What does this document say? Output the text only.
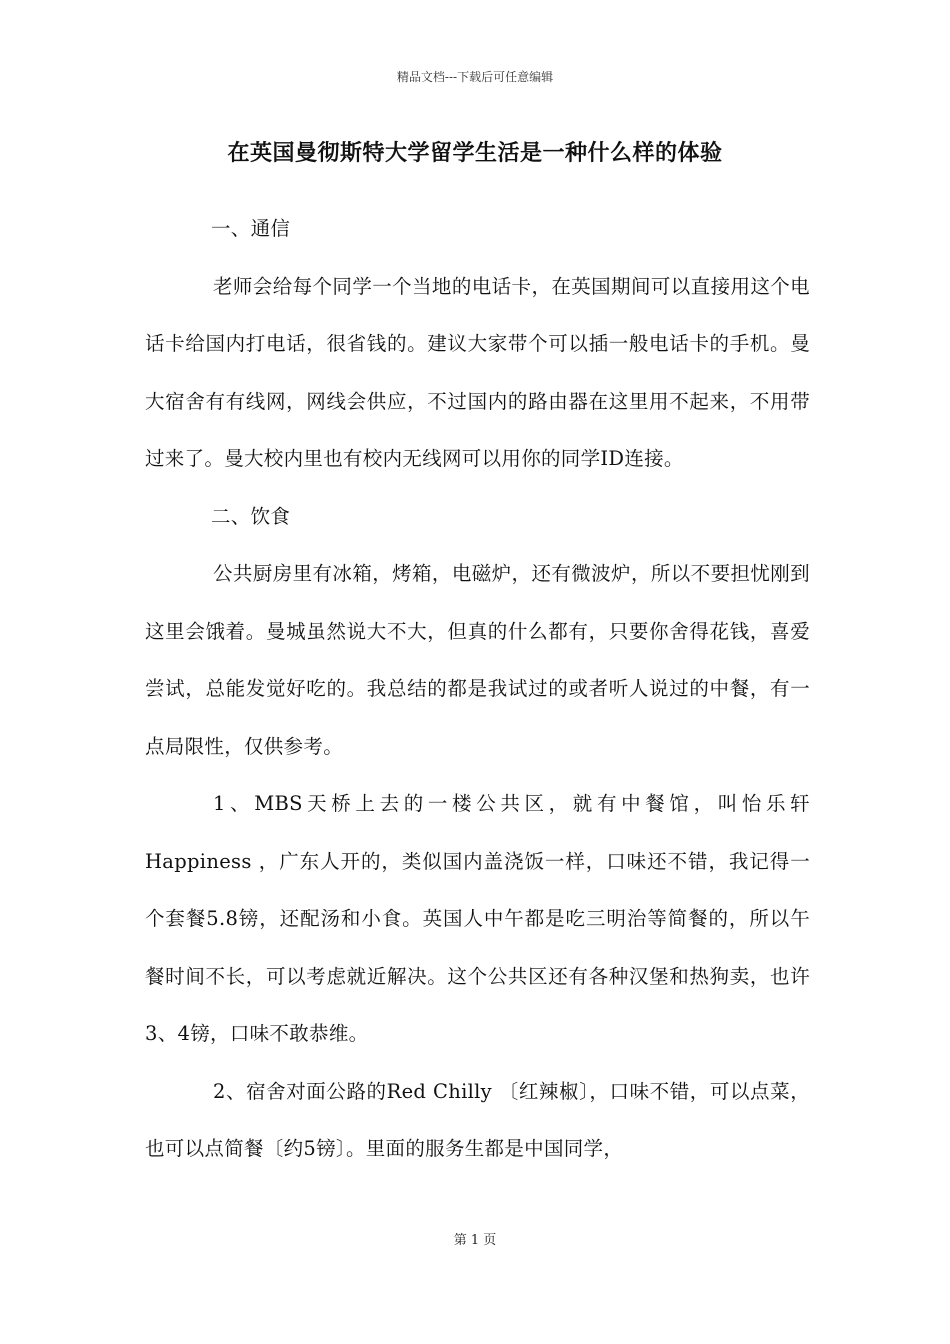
精品文档---下载后可任意编辑
在英国曼彻斯特大学留学生活是一种什么样的体验

一、通信

老师会给每个同学一个当地的电话卡，在英国期间可以直接用这个电话卡给国内打电话，很省钱的。建议大家带个可以插一般电话卡的手机。曼大宿舍有有线网，网线会供应，不过国内的路由器在这里用不起来，不用带过来了。曼大校内里也有校内无线网可以用你的同学ID连接。

二、饮食

公共厨房里有冰箱，烤箱，电磁炉，还有微波炉，所以不要担忧刚到这里会饿着。曼城虽然说大不大，但真的什么都有，只要你舍得花钱，喜爱尝试，总能发觉好吃的。我总结的都是我试过的或者听人说过的中餐，有一点局限性，仅供参考。

1、MBS天桥上去的一楼公共区，就有中餐馆，叫怡乐轩 Happiness ，广东人开的，类似国内盖浇饭一样，口味还不错，我记得一个套餐5.8镑，还配汤和小食。英国人中午都是吃三明治等简餐的，所以午餐时间不长，可以考虑就近解决。这个公共区还有各种汉堡和热狗卖，也许3、4镑，口味不敢恭维。

2、宿舍对面公路的Red Chilly 〔红辣椒〕，口味不错，可以点菜，也可以点简餐〔约5镑〕。里面的服务生都是中国同学，

第 1 页
